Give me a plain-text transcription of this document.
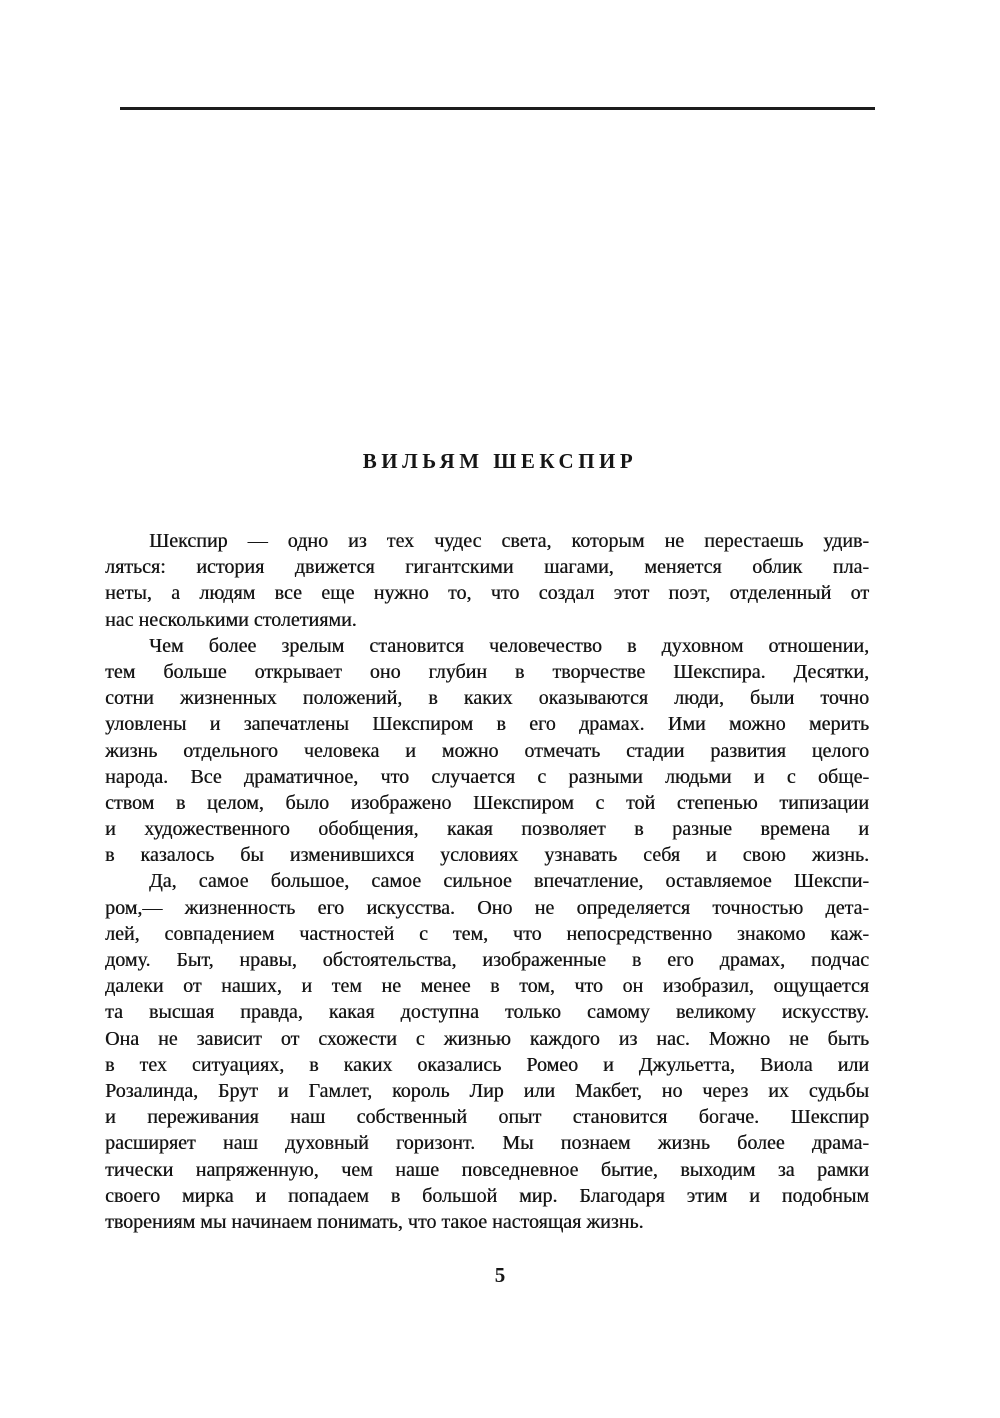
ВИЛЬЯМ ШЕКСПИР
Шекспир — одно из тех чудес света, которым не перестаешь удив-
ляться: история движется гигантскими шагами, меняется облик пла-
неты, а людям все еще нужно то, что создал этот поэт, отделенный от
нас несколькими столетиями.
Чем более зрелым становится человечество в духовном отношении,
тем больше открывает оно глубин в творчестве Шекспира. Десятки,
сотни жизненных положений, в каких оказываются люди, были точно
уловлены и запечатлены Шекспиром в его драмах. Ими можно мерить
жизнь отдельного человека и можно отмечать стадии развития целого
народа. Все драматичное, что случается с разными людьми и с обще-
ством в целом, было изображено Шекспиром с той степенью типизации
и художественного обобщения, какая позволяет в разные времена и
в казалось бы изменившихся условиях узнавать себя и свою жизнь.
Да, самое большое, самое сильное впечатление, оставляемое Шекспи-
ром,— жизненность его искусства. Оно не определяется точностью дета-
лей, совпадением частностей с тем, что непосредственно знакомо каж-
дому. Быт, нравы, обстоятельства, изображенные в его драмах, подчас
далеки от наших, и тем не менее в том, что он изобразил, ощущается
та высшая правда, какая доступна только самому великому искусству.
Она не зависит от схожести с жизнью каждого из нас. Можно не быть
в тех ситуациях, в каких оказались Ромео и Джульетта, Виола или
Розалинда, Брут и Гамлет, король Лир или Макбет, но через их судьбы
и переживания наш собственный опыт становится богаче. Шекспир
расширяет наш духовный горизонт. Мы познаем жизнь более драма-
тически напряженную, чем наше повседневное бытие, выходим за рамки
своего мирка и попадаем в большой мир. Благодаря этим и подобным
творениям мы начинаем понимать, что такое настоящая жизнь.

5
